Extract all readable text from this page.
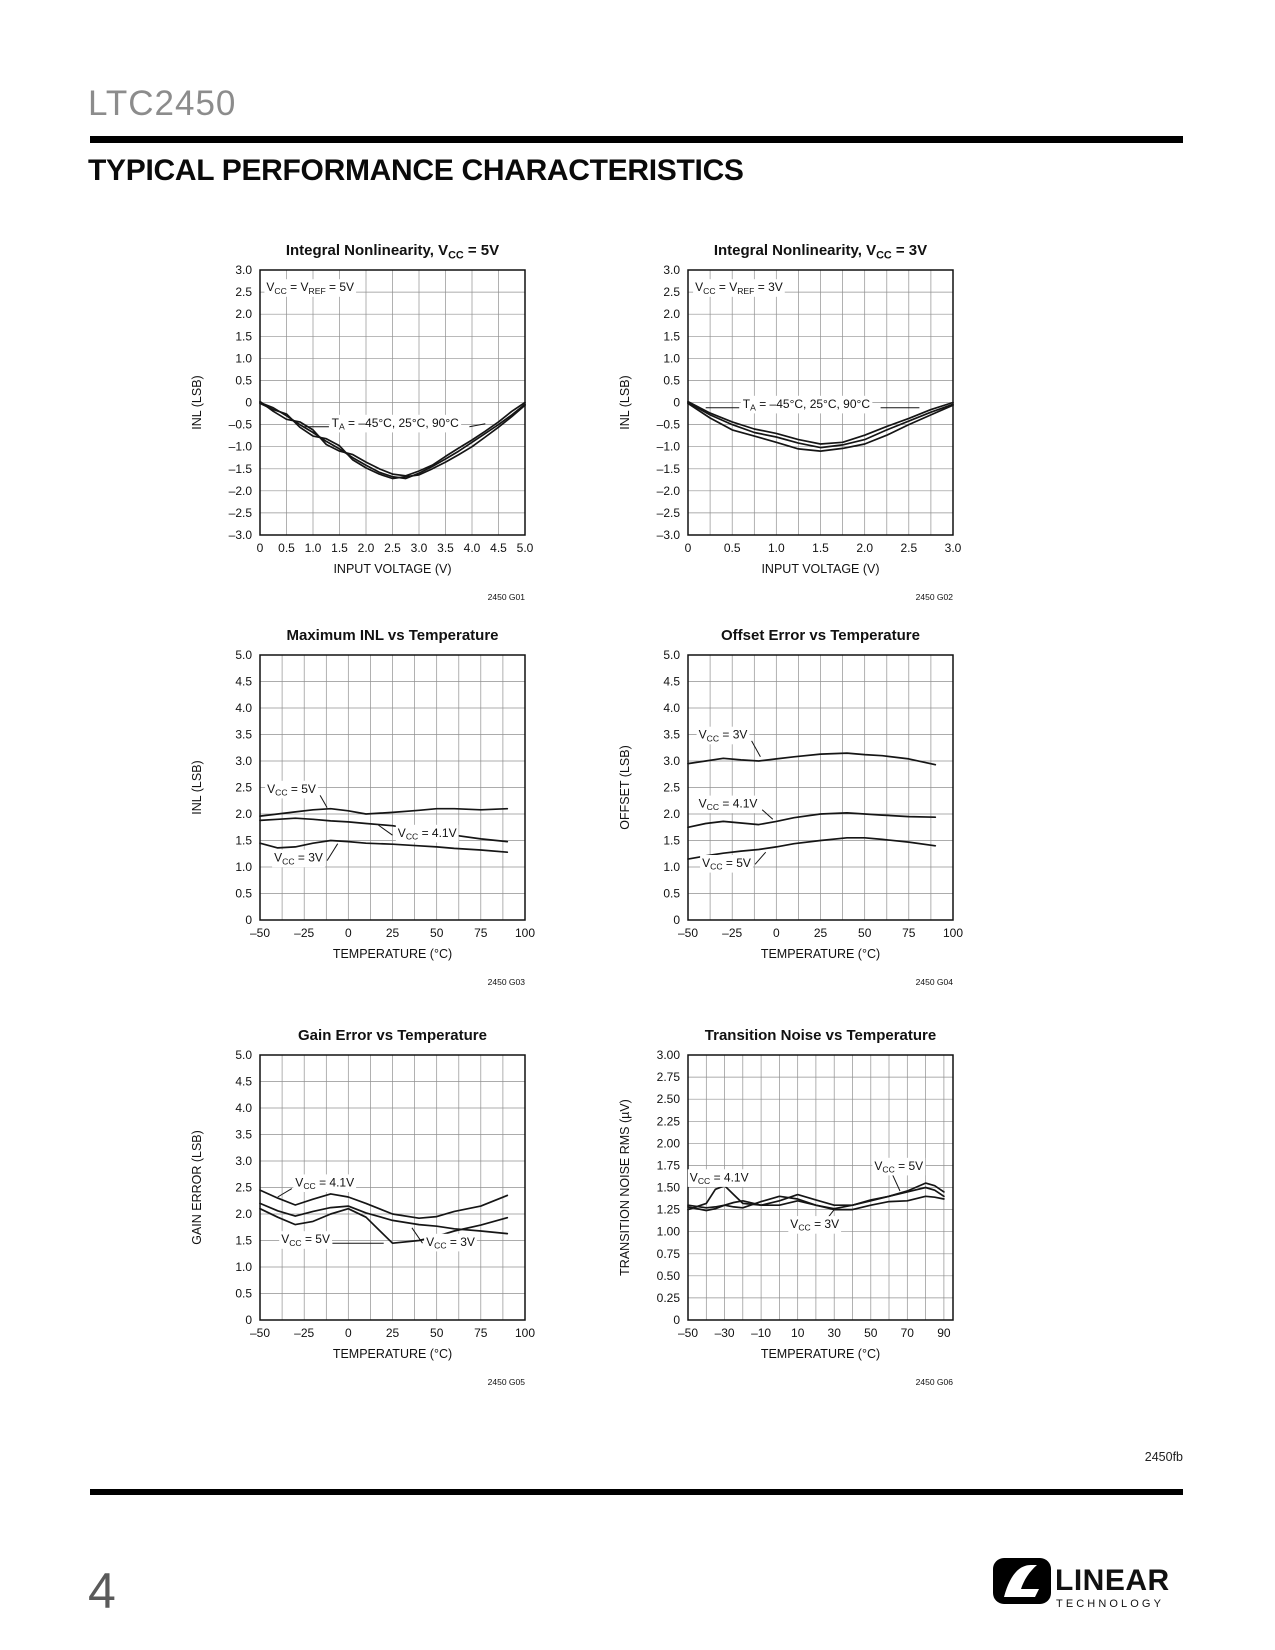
LTC2450
TYPICAL PERFORMANCE CHARACTERISTICS
0 0.5 1.0 1.5 2.0 2.5 3.0 3.5 4.0 4.5 5.0
3.0
2.5
2.0
1.5
1.0
0.5
0
–0.5
–1.0
–1.5
–2.0
–2.5
–3.0
INPUT VOLTAGE (V)
INL (LSB)
Integral Nonlinearity, $V_{CC} = 5V$
$V_{CC} = V_{REF} = 5V$
$T_A = -45^\circ C$, 25°C, 90°C
2450 G01
0	0.5 1.0 1.5 2.0 2.5 3.0
3.0
2.5
2.0
1.5
1.0
0.5
0
–0.5
–1.0
–1.5
–2.0
–2.5
–3.0
INPUT VOLTAGE (V)
INL (LSB)
Integral Nonlinearity, $V_{CC} = 3V$
$V_{CC} = V_{REF} = 3V$
$T_A = -45^\circ C$, 25°C, 90°C
2450 G02
–50 –25	0	25	50	75 100
5.0
4.5
4.0
3.5
3.0
2.5
2.0
1.5
1.0
0.5
0
TEMPERATURE (°C)
INL (LSB)
Maximum INL vs Temperature
$V_{CC} = 5V$
$V_{CC} = 4.1V$
$V_{CC} = 3V$
2450 G03
–50 –25	0	25	50	75 100
5.0
4.5
4.0
3.5
3.0
2.5
2.0
1.5
1.0
0.5
0
TEMPERATURE (°C)
OFFSET (LSB)
Offset Error vs Temperature
$V_{CC} = 3V$
$V_{CC} = 4.1V$
$V_{CC} = 5V$
2450 G04
–50 –25	0	25	50	75 100
5.0
4.5
4.0
3.5
3.0
2.5
2.0
1.5
1.0
0.5
0
TEMPERATURE (°C)
GAIN ERROR (LSB)
Gain Error vs Temperature
$V_{CC} = 4.1V$
$V_{CC} = 5V$	$V_{CC} = 3V$
2450 G05
–50 –30 –10 10 30 50 70 90
3.00
2.75
2.50
2.25
2.00
1.75
1.50
1.25
1.00
0.75
0.50
0.25
0
TEMPERATURE (°C)
TRANSITION NOISE RMS (µV)
Transition Noise vs Temperature
$V_{CC} = 4.1V$
$V_{CC} = 5V$
$V_{CC} = 3V$
2450 G06
2450fb
4	LINEAR
TECHNOLOGY
